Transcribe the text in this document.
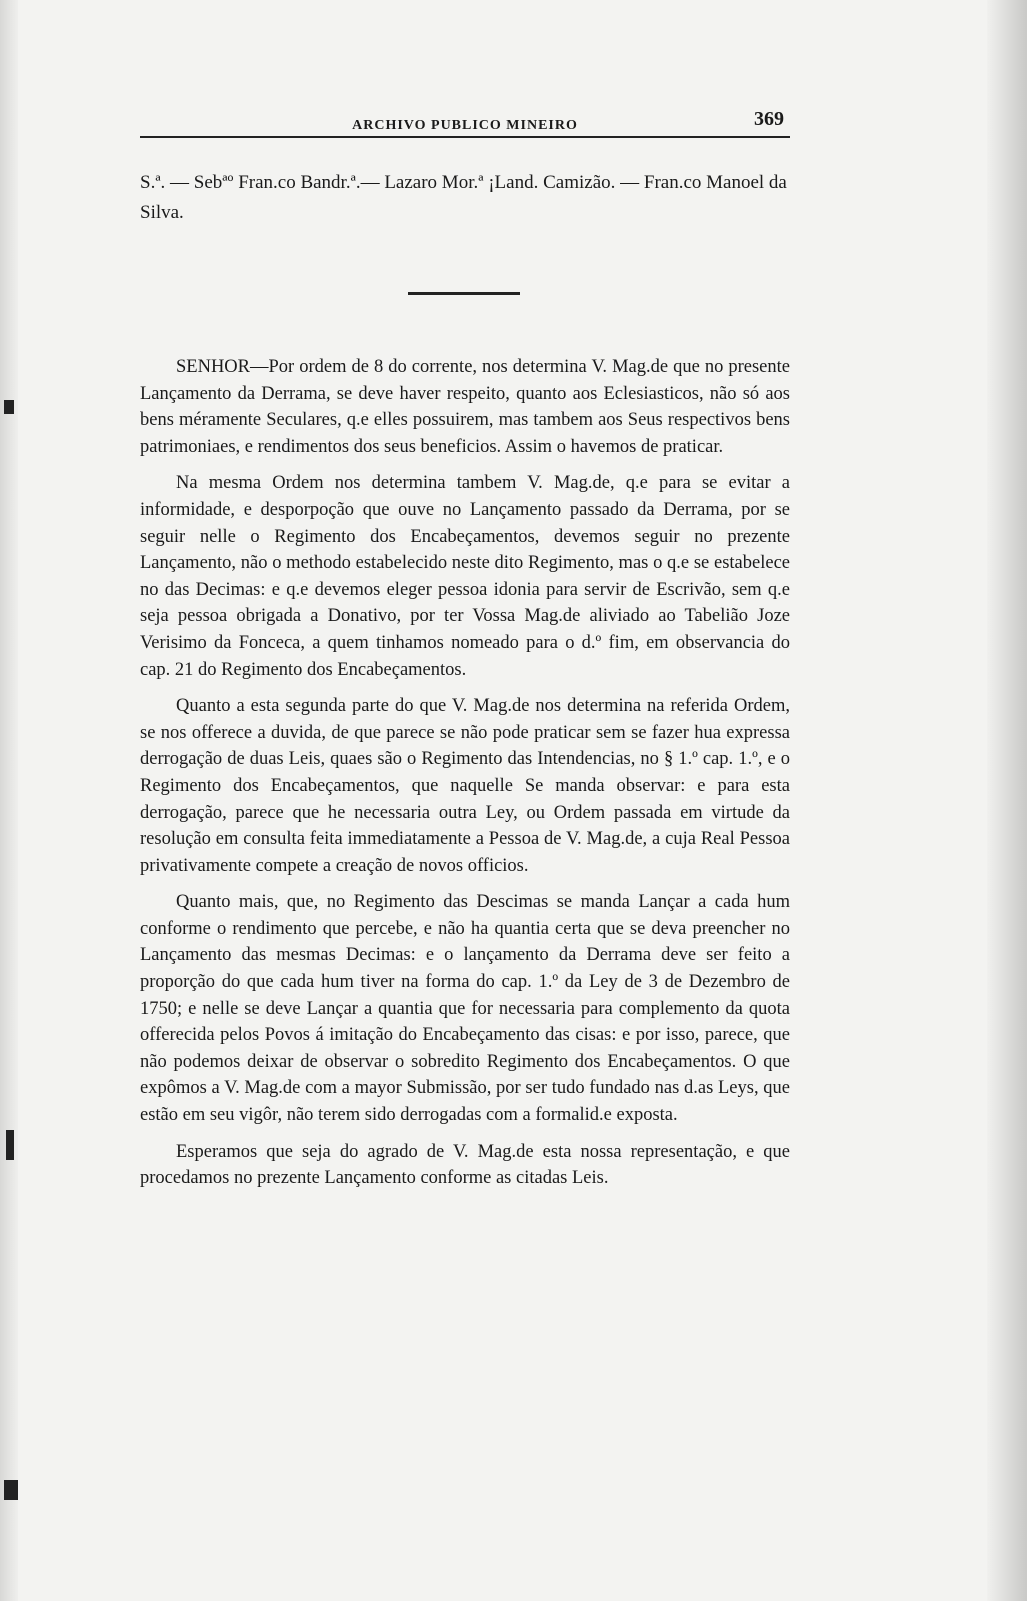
ARCHIVO PUBLICO MINEIRO	369
S.ª. — Sebªº Fran.co Bandr.ª.— Lazaro Mor.ª ¡Land. Camizão. — Fran.co Manoel da Silva.

SENHOR—Por ordem de 8 do corrente, nos determina V. Mag.de que no presente Lançamento da Derrama, se deve haver respeito, quanto aos Eclesiasticos, não só aos bens méramente Seculares, q.e elles possuirem, mas tambem aos Seus respectivos bens patrimoniaes, e rendimentos dos seus beneficios. Assim o havemos de praticar.

Na mesma Ordem nos determina tambem V. Mag.de, q.e para se evitar a informidade, e desporpoção que ouve no Lançamento passado da Derrama, por se seguir nelle o Regimento dos Encabeçamentos, devemos seguir no prezente Lançamento, não o methodo estabelecido neste dito Regimento, mas o q.e se estabelece no das Decimas: e q.e devemos eleger pessoa idonia para servir de Escrivão, sem q.e seja pessoa obrigada a Donativo, por ter Vossa Mag.de aliviado ao Tabelião Joze Verisimo da Fonceca, a quem tinhamos nomeado para o d.º fim, em observancia do cap. 21 do Regimento dos Encabeçamentos.

Quanto a esta segunda parte do que V. Mag.de nos determina na referida Ordem, se nos offerece a duvida, de que parece se não pode praticar sem se fazer hua expressa derrogação de duas Leis, quaes são o Regimento das Intendencias, no § 1.º cap. 1.º, e o Regimento dos Encabeçamentos, que naquelle Se manda observar: e para esta derrogação, parece que he necessaria outra Ley, ou Ordem passada em virtude da resolução em consulta feita immediatamente a Pessoa de V. Mag.de, a cuja Real Pessoa privativamente compete a creação de novos officios.

Quanto mais, que, no Regimento das Descimas se manda Lançar a cada hum conforme o rendimento que percebe, e não ha quantia certa que se deva preencher no Lançamento das mesmas Decimas: e o lançamento da Derrama deve ser feito a proporção do que cada hum tiver na forma do cap. 1.º da Ley de 3 de Dezembro de 1750; e nelle se deve Lançar a quantia que for necessaria para complemento da quota offerecida pelos Povos á imitação do Encabeçamento das cisas: e por isso, parece, que não podemos deixar de observar o sobredito Regimento dos Encabeçamentos. O que expômos a V. Mag.de com a mayor Submissão, por ser tudo fundado nas d.as Leys, que estão em seu vigôr, não terem sido derrogadas com a formalid.e exposta.

Esperamos que seja do agrado de V. Mag.de esta nossa representação, e que procedamos no prezente Lançamento conforme as citadas Leis.
